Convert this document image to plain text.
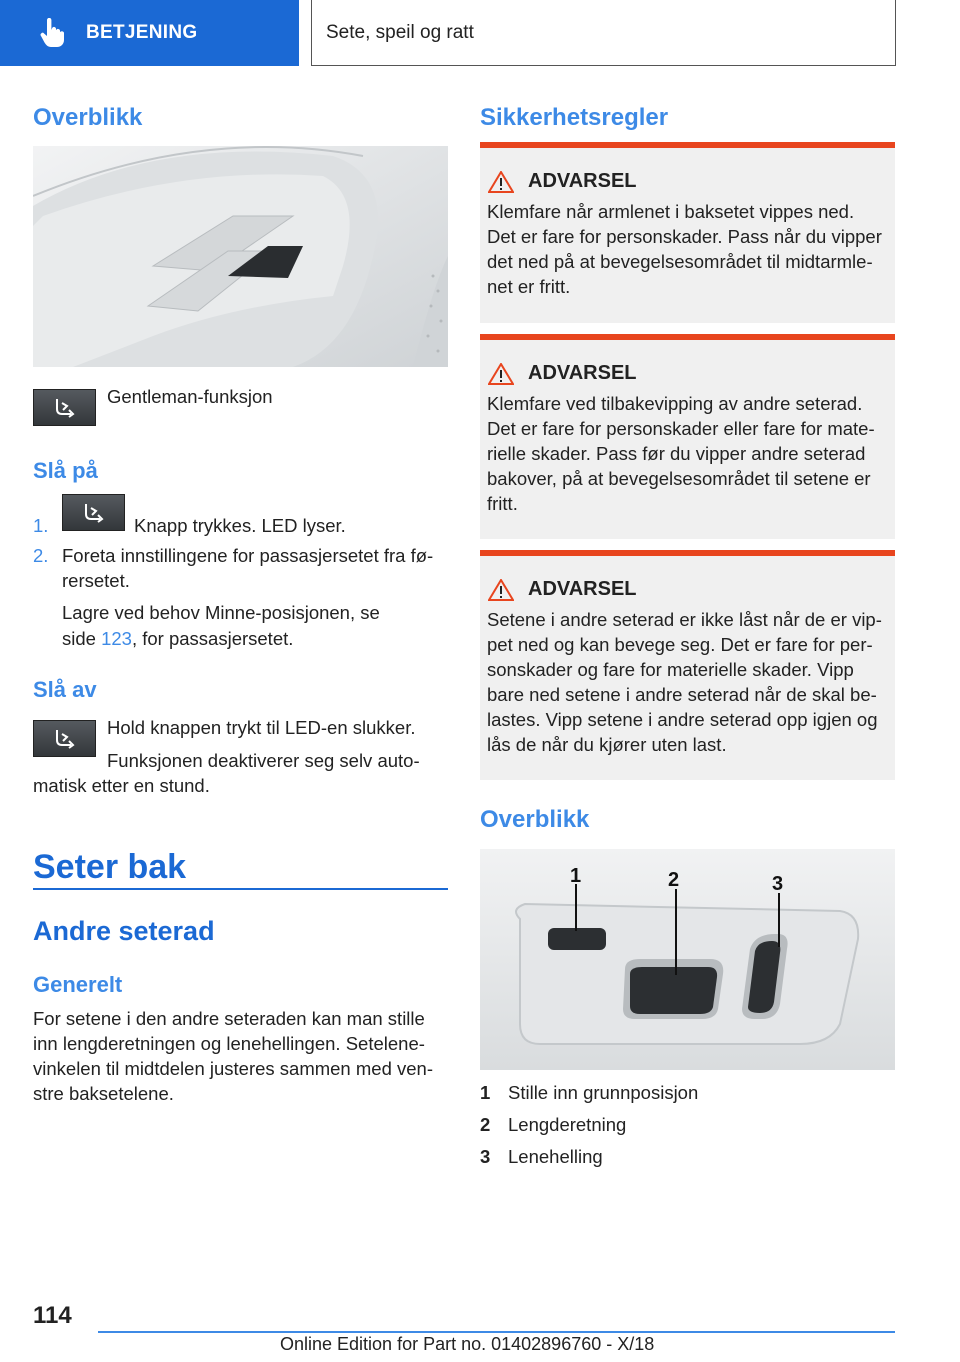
BETJENING	Sete, speil og ratt
Overblikk
Gentleman-funksjon
Slå på
1.	Knapp trykkes. LED lyser.
2. Foreta innstillingene for passasjersetet fra fø-
rersetet.
Lagre ved behov Minne-posisjonen, se
side 123, for passasjersetet.
Slå av
Hold knappen trykt til LED-en slukker.
Funksjonen deaktiverer seg selv auto-
matisk etter en stund.
Seter bak
Andre seterad
Generelt
For setene i den andre seteraden kan man stille
inn lengderetningen og lenehellingen. Setelene-
vinkelen til midtdelen justeres sammen med ven-
stre baksetelene.
Sikkerhetsregler
ADVARSEL

Klemfare når armlenet i baksetet vippes ned.

Det er fare for personskader. Pass når du vipper

det ned på at bevegelsesområdet til midtarmle-

net er fritt.

ADVARSEL

Klemfare ved tilbakevipping av andre seterad.

Det er fare for personskader eller fare for mate-

rielle skader. Pass før du vipper andre seterad

bakover, på at bevegelsesområdet til setene er

fritt.

ADVARSEL

Setene i andre seterad er ikke låst når de er vip-

pet ned og kan bevege seg. Det er fare for per-

sonskader og fare for materielle skader. Vipp

bare ned setene i andre seterad når de skal be-

lastes. Vipp setene i andre seterad opp igjen og

lås de når du kjører uten last.

Overblikk
1	2	3
1 Stille inn grunnposisjon
2 Lengderetning
3 Lenehelling
114
Online Edition for Part no. 01402896760 - X/18
